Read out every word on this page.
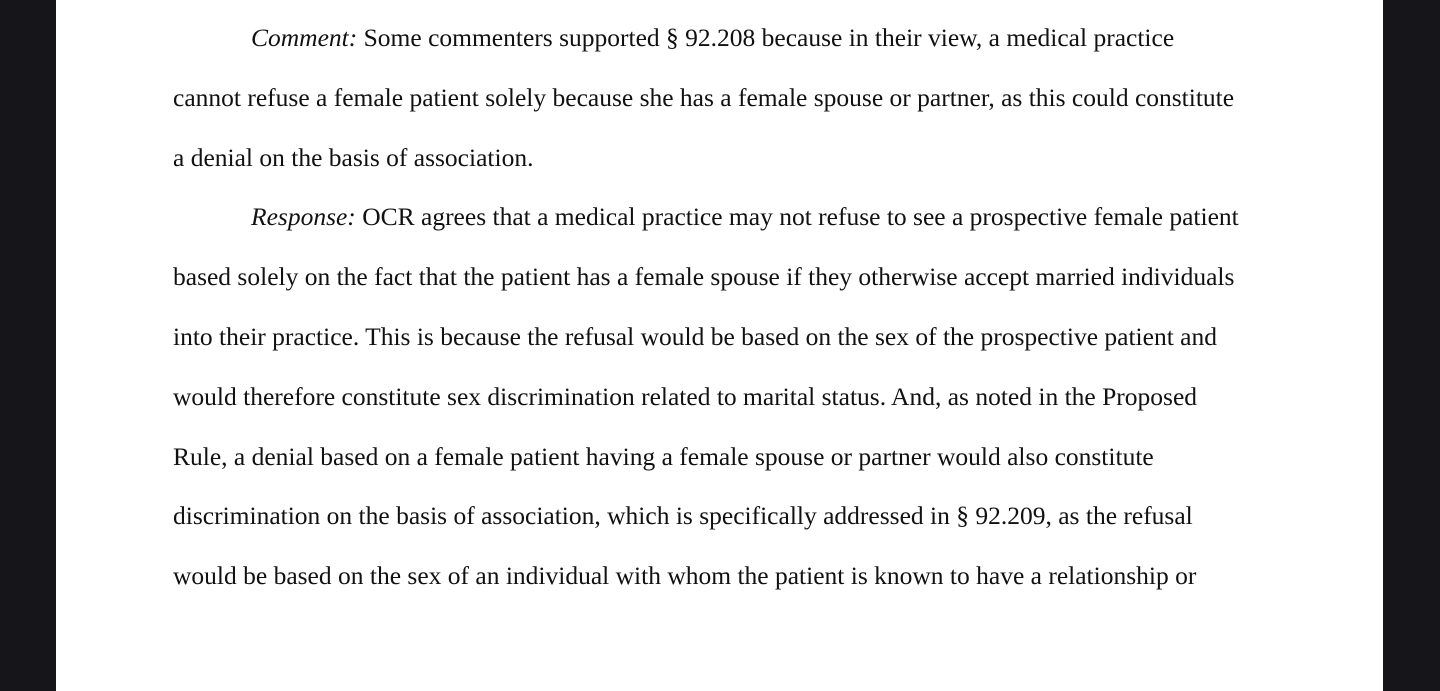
Comment: Some commenters supported § 92.208 because in their view, a medical practice
cannot refuse a female patient solely because she has a female spouse or partner, as this could constitute
a denial on the basis of association.
Response: OCR agrees that a medical practice may not refuse to see a prospective female patient
based solely on the fact that the patient has a female spouse if they otherwise accept married individuals
into their practice. This is because the refusal would be based on the sex of the prospective patient and
would therefore constitute sex discrimination related to marital status. And, as noted in the Proposed
Rule, a denial based on a female patient having a female spouse or partner would also constitute
discrimination on the basis of association, which is specifically addressed in § 92.209, as the refusal
would be based on the sex of an individual with whom the patient is known to have a relationship or
